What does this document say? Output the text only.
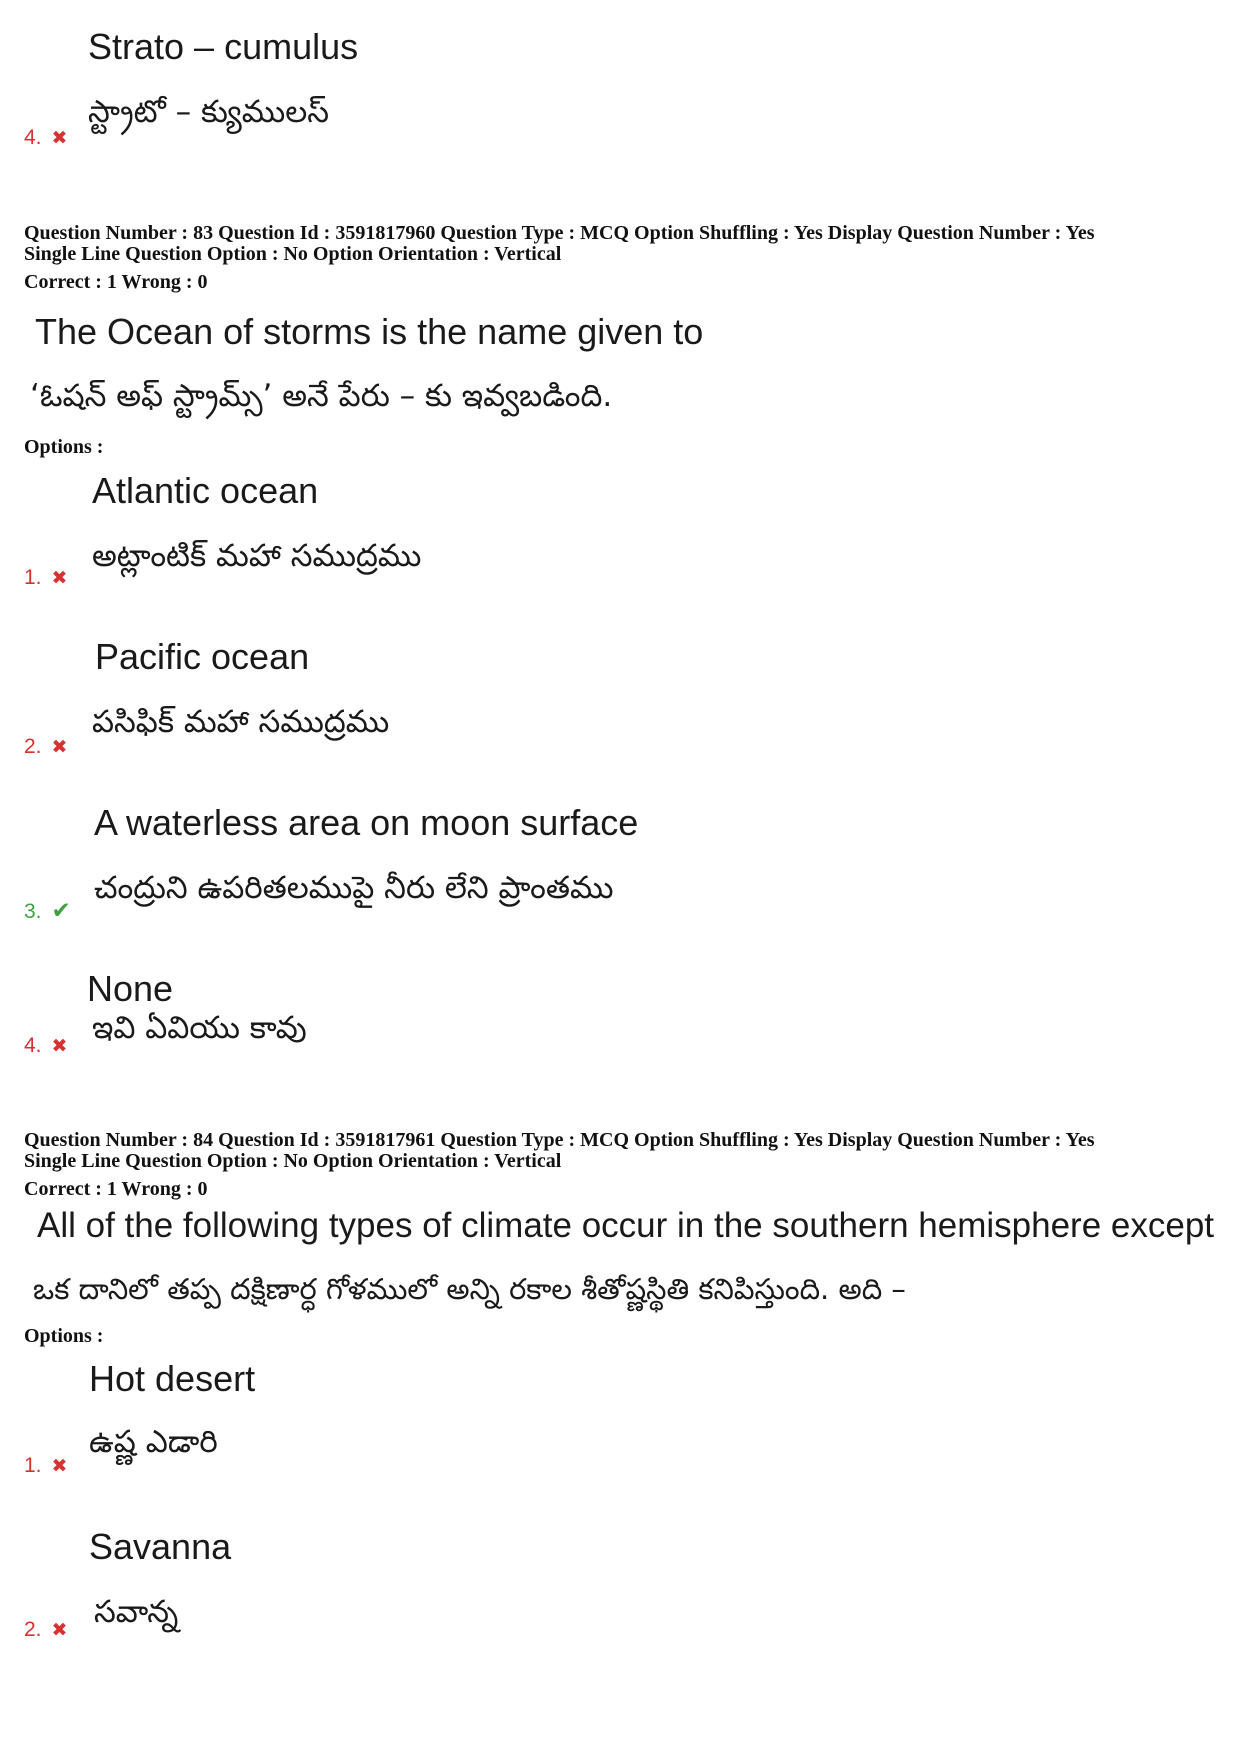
Strato – cumulus
స్ట్రాటో – క్యుములస్
4. ✖
Question Number : 83 Question Id : 3591817960 Question Type : MCQ Option Shuffling : Yes Display Question Number : Yes
Single Line Question Option : No Option Orientation : Vertical
Correct : 1 Wrong : 0
The Ocean of storms is the name given to
‘ఓషన్ అఫ్ స్ట్రామ్స్’ అనే పేరు – కు ఇవ్వబడింది.
Options :
Atlantic ocean
అట్లాంటిక్ మహా సముద్రము
1. ✖
Pacific ocean
పసిఫిక్ మహా సముద్రము
2. ✖
A waterless area on moon surface
చంద్రుని ఉపరితలముపై నీరు లేని ప్రాంతము
3. ✔
None
ఇవి ఏవియు కావు
4. ✖
Question Number : 84 Question Id : 3591817961 Question Type : MCQ Option Shuffling : Yes Display Question Number : Yes
Single Line Question Option : No Option Orientation : Vertical
Correct : 1 Wrong : 0
All of the following types of climate occur in the southern hemisphere except
ఒక దానిలో తప్ప దక్షిణార్ధ గోళములో అన్ని రకాల శీతోష్ణస్థితి కనిపిస్తుంది. అది –
Options :
Hot desert
ఉష్ణ ఎడారి
1. ✖
Savanna
సవాన్న
2. ✖
